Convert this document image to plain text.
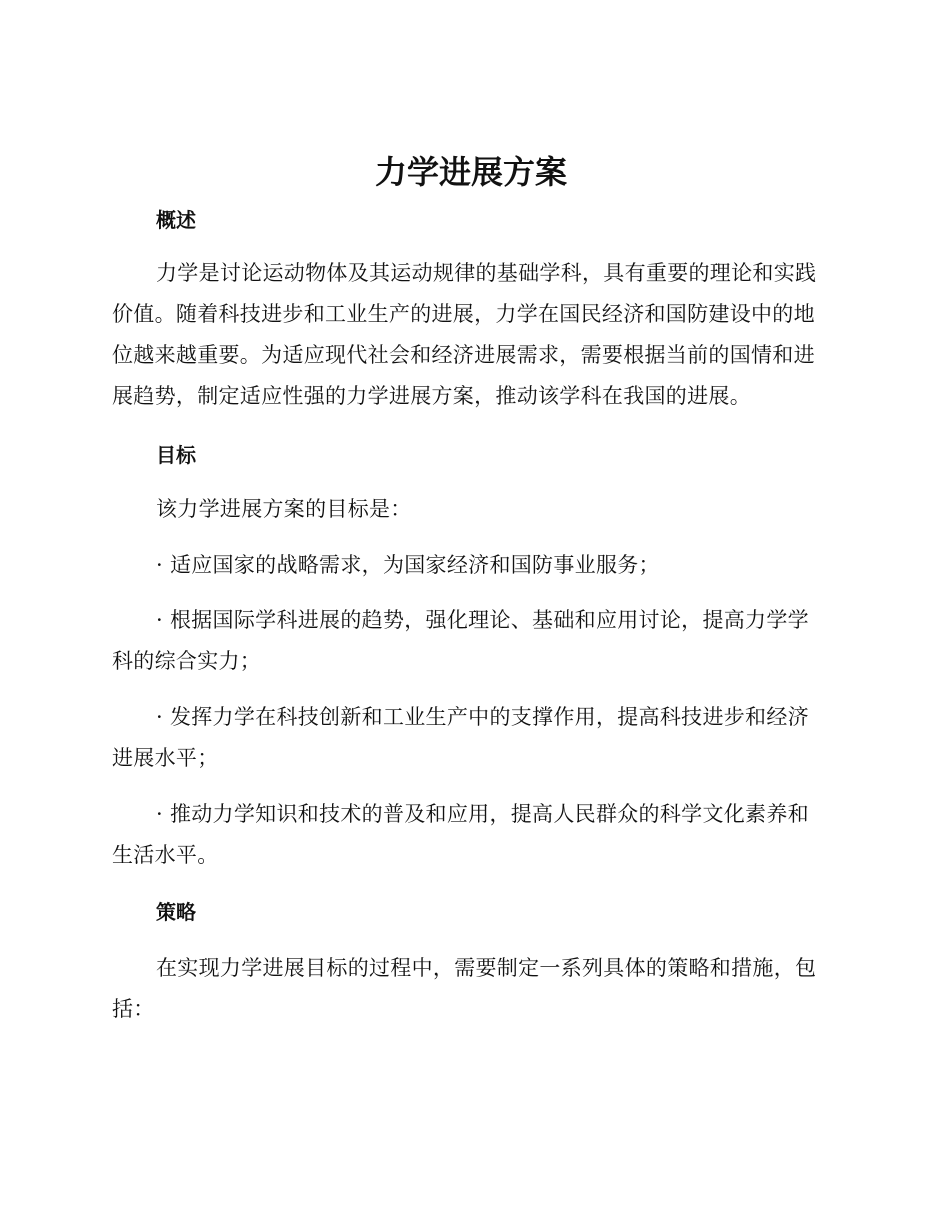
力学进展方案
概述

力学是讨论运动物体及其运动规律的基础学科，具有重要的理论和实践价值。随着科技进步和工业生产的进展，力学在国民经济和国防建设中的地位越来越重要。为适应现代社会和经济进展需求，需要根据当前的国情和进展趋势，制定适应性强的力学进展方案，推动该学科在我国的进展。

目标

该力学进展方案的目标是：

· 适应国家的战略需求，为国家经济和国防事业服务；

· 根据国际学科进展的趋势，强化理论、基础和应用讨论，提高力学学科的综合实力；

· 发挥力学在科技创新和工业生产中的支撑作用，提高科技进步和经济进展水平；

· 推动力学知识和技术的普及和应用，提高人民群众的科学文化素养和生活水平。

策略

在实现力学进展目标的过程中，需要制定一系列具体的策略和措施，包括：
